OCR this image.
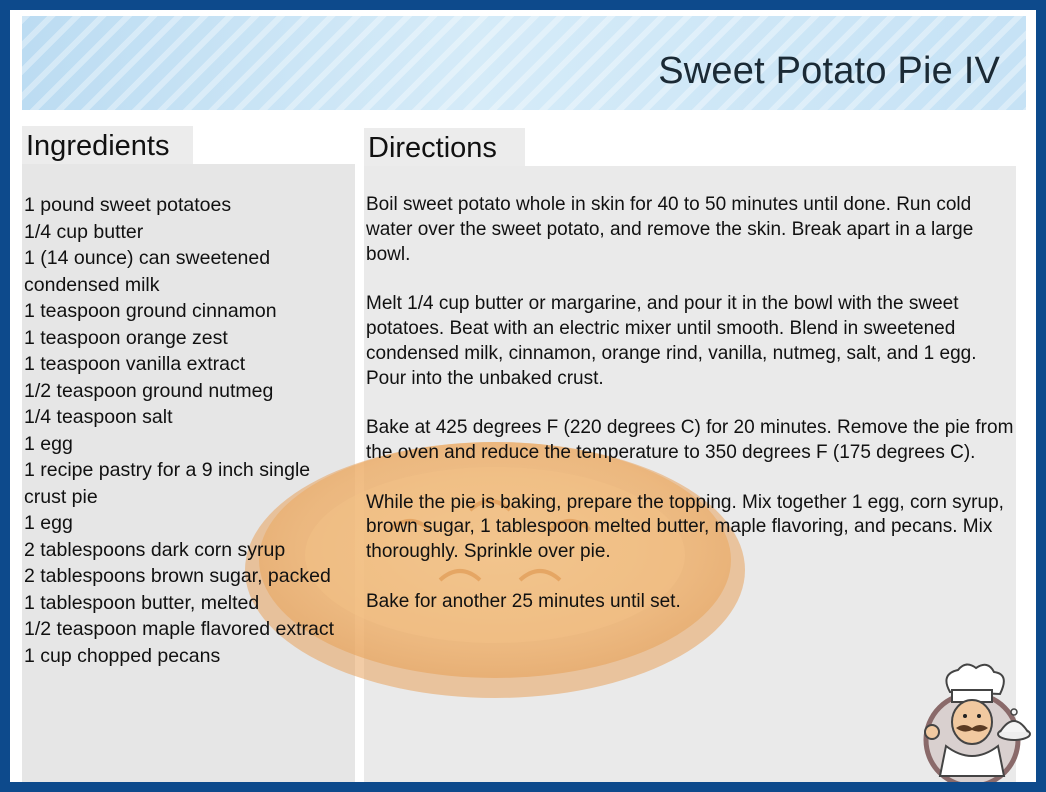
Sweet Potato Pie IV
Ingredients	Directions
1 pound sweet potatoes
1/4 cup butter
1 (14 ounce) can sweetened condensed milk
1 teaspoon ground cinnamon
1 teaspoon orange zest
1 teaspoon vanilla extract
1/2 teaspoon ground nutmeg
1/4 teaspoon salt
1 egg
1 recipe pastry for a 9 inch single crust pie
1 egg
2 tablespoons dark corn syrup
2 tablespoons brown sugar, packed
1 tablespoon butter, melted
1/2 teaspoon maple flavored extract
1 cup chopped pecans

Boil sweet potato whole in skin for 40 to 50 minutes until done. Run cold water over the sweet potato, and remove the skin. Break apart in a large bowl.

Melt 1/4 cup butter or margarine, and pour it in the bowl with the sweet potatoes. Beat with an electric mixer until smooth. Blend in sweetened condensed milk, cinnamon, orange rind, vanilla, nutmeg, salt, and 1 egg. Pour into the unbaked crust.

Bake at 425 degrees F (220 degrees C) for 20 minutes. Remove the pie from the oven and reduce the temperature to 350 degrees F (175 degrees C).

While the pie is baking, prepare the topping. Mix together 1 egg, corn syrup, brown sugar, 1 tablespoon melted butter, maple flavoring, and pecans. Mix thoroughly. Sprinkle over pie.

Bake for another 25 minutes until set.
